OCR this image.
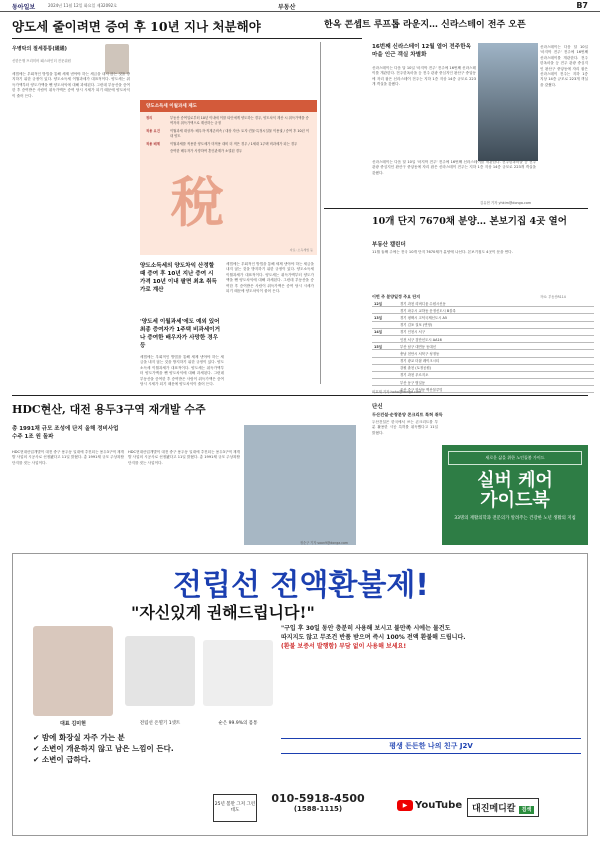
동아일보	2024년 11월 12일 화요일 제32092호	부동산	B7
양도세 줄이려면 증여 후 10년 지나 처분해야
우병탁의 절세통통(通通)
신한은행 프리미어 패스파인더 전문위원
세법에는 우회적인 방법을 통해 세제 낸야야 하는 세금을 내지 않는 것을 방지하기 위한 규정이 있다. 양도소득세 이월과세가 대표적이다. 양도세는 취득가액부터 양도가액을 뺀 양도차익에 대해 과세된다. 그런데 부동산을 증여한 후 증여받은 사람이 취득가액은 증여 당시 시세가 되기 때문에 양도차익이 줄어 든다.
양도소득세 이월과세 제도
정의	부동산 증여일로부터 10년 이내에 이를 타인에게 양도하는 경우, 양도차익 계산 시 취득가액을 증여자의 취득가액으로 계산하는 규정
적용 요건	이월과세 대상자: 배우자·직계존비속 / 대상 자산: 토지·건물·특정시설물 이용권 / 증여 후 10년 이내 양도
적용 배제	이월과세를 적용한 양도세가 미적용 대비 더 적은 경우 / 1세대 1주택 비과세가 되는 경우
증여한 배우자가 사망하여 혼인관계가 소멸된 경우
자료: 소득세법 등
稅
양도소득세의 양도차익 산정할 때 증여 후 10년 지난 증여 시 가격 10년 이내 팔면 최초 취득가로 계산
'양도세 이월과세'에도 예외 있어 최종 증여자가 1주택 비과세이거나 증여한 배우자가 사망한 경우 등
세법에는 우회적인 방법을 통해 세제 낸야야 하는 세금을 내지 않는 것을 방지하기 위한 규정이 있다. 양도소득세 이월과세가 대표적이다. 양도세는 취득가액부터 양도가액을 뺀 양도차익에 대해 과세된다. 그런데 부동산을 증여한 후 증여받은 사람이 취득가액은 증여 당시 시세가 되기 때문에 양도차익이 줄어 든다.
세법에는 우회적인 방법을 통해 세제 낸야야 하는 세금을 내지 않는 것을 방지하기 위한 규정이 있다. 양도소득세 이월과세가 대표적이다. 양도세는 취득가액부터 양도가액을 뺀 양도차익에 대해 과세된다. 그런데 부동산을 증여한 후 증여받은 사람이 취득가액은 증여 당시 시세가 되기 때문에 양도차익이 줄어 든다.
한옥 콘셉트 루프톱 라운지… 신라스테이 전주 오픈
16번째 신라스테이 12월 열어 전주한옥마을 인근 객실 차별화
신라스테이는 다음 달 10일 '마지막 전주' 전주에 16번째 신라스테이를 개관한다. 전주한옥마을 등 전주 관광 중심지인 완산구 중앙동에 자리 잡은 신라스테이 전주는 지하 1층 지상 14층 규모로 223개 객실을 갖췄다.
신라스테이는 다음 달 10일 '마지막 전주' 전주에 16번째 신라스테이를 개관한다. 전주한옥마을 등 전주 관광 중심지인 완산구 중앙동에 자리 잡은 신라스테이 전주는 지하 1층 지상 14층 규모로 223개 객실을 갖췄다.
신라스테이는 다음 달 10일 '마지막 전주' 전주에 16번째 신라스테이를 개관한다. 전주한옥마을 등 전주 관광 중심지인 완산구 중앙동에 자리 잡은 신라스테이 전주는 지하 1층 지상 14층 규모로 223개 객실을 갖췄다.
김유현 기자 yhkim@donga.com
10개 단지 7670채 분양… 본보기집 4곳 열어
부동산 캘린더
11월 둘째 주에는 전국 10개 단지 7670채가 분양에 나선다. 본보기집도 4곳이 문을 연다.
이번 주 분양일정 주요 단지	자료: 부동산R114
12일	경기 과천 리버디움 수원시신동
	경기 파주시 교하동 운정신도시 B블록
13일	경기 평택시 고덕국제신도시 A5
	경기 김포 걸포 (연영)
14일	경기 인천시 서구
	인천 서구 검단신도시 AA16
15일	부산 남구 대연동 동대신
	충남 천안시 서북구 성정동
	경기 광교 더샵 레이크시티
	강원 춘천 (토정공원)
	경기 과천 푸르지오
	부산 동구 범일동
	울산 중구 학성동 벽산블루밍
이호재 기자 hoho@donga.com
HDC현산, 대전 용두3구역 재개발 수주
총 1991채 규모 조성에 단지 올해 정비사업 수주 1조 원 돌파
HDC현대산업개발이 대전 중구 용두동 일대에 추진되는 용두3구역 재개발 사업의 시공사로 선정됐다고 11일 밝혔다. 총 1991채 규모 주상복합 단지를 짓는 사업이다.
HDC현대산업개발이 대전 중구 용두동 일대에 추진되는 용두3구역 재개발 사업의 시공사로 선정됐다고 11일 밝혔다. 총 1991채 규모 주상복합 단지를 짓는 사업이다.
정순구 기자 soon9@donga.com
단신
두산건설·순창분양 콘크리트 특허 취득
두산건설은 한국에서 쓰는 콘크리트를 부분 활용한 시공 특허를 취득했다고 11일 밝혔다.
새로운 삶을 위한 노인돌봄 가이드
실버 케어
가이드북
33명의 재활의학과 전문의가 알려주는 건강한 노년 생활의 지침
전립선 전액환불제!
"자신있게 권해드립니다!"
대표 김미현	전립선 온열기 1셋트	순은 99.9%의 몸통
✔ 밤에 화장실 자주 가는 분
✔ 소변이 개운하지 않고 남은 느낌이 든다.
✔ 소변이 급하다.
"구입 후 30일 동안 충분히 사용해 보시고 불만족 시에는 물건도
따지지도 않고 무조건 반품 받으며 즉시 100% 전액 환불해 드립니다.
(환불 보증서 발행함) 부담 없이 사용해 보세요!
평생 든든한 나의 친구 J2V
25년 봄만 그저 그런데도
010-5918-4500
(1588-1115)	▶ YouTube	대진메디칼 검색
